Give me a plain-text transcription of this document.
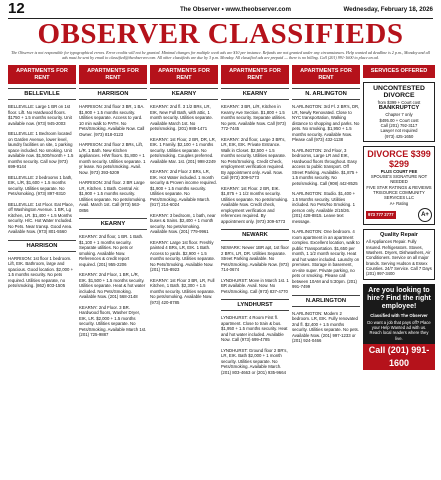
12	The Observer • www.theobserver.com	Wednesday, February 18, 2026
OBSERVER CLASSIFIEDS
The Observer is not responsible for typographical errors. Error credits will not be granted. Minimal changes for multiple week ads are $10 per instance. Refunds are not granted under any circumstances. Help wanted ad deadline is 2 p.m., Monday and all ads must be sent by email to classified@theobserver.com. All other classifieds are due by 3 p.m. Monday. All classified ads are prepaid — there is no billing. Call (201) 991-1600 to place an ad.
APARTMENTS FOR RENT
BELLEVILLE
BELLEVILLE: Large 1 BR on 1st floor. Lift. No Hardwood floors. $1750 + 1.5 months security. Unit available now. (973) 945-2003
BELLEVILLE: 1 Bedroom located on Garden Avenue, lower level, laundry facilities on site, 1 parking space included. No smoking. Unit available now. $1,500/month + 1.5 months security. Call now (973) 699-9144
BELLEVILLE: 2 bedrooms 1 bath, EIK, L/R, $1,600 + 1.5 months security. Utilities separate. No Pets/smoking. (973) 897-9310
BELLEVILLE: 1st Floor. Eat Place, off Washington Avenue. 1 BR, Lg Kitchen, LR. $1,400 + 1.5 Months security. H/C. Hot Water Included. No Pets. Near transp. Good Area. Available Now. (973) 801-5560
HARRISON
HARRISON: 1st floor 1 bedroom. Lift, EIK. Bathroom, large and spacious. Good location. $2,000 + 1.5 months security. No pets required. Utilities separate, no pets/smoking. (862) 803-1505
APARTMENTS FOR RENT
HARRISON
HARRISON: 2nd floor 3 BR, 1 BA. $1,900 + 1.5 months security. Utilities separate. Access to yard. 10 min walk to PATH. No Pets/Smoking. Available Now. Call Owner. (973) 818-0123
HARRISON: 2nd floor 2 BRs, Lift, L/R. 1 Bath. New Kitchen appliances. H/W floors. $1,800 + 1 month security. Utilities separate. 1 yr lease. No pets/smoking. Avail. Now. (973) 393-5209
HARRISON: 2nd floor. 2 BR Large LR, Kitchen. 1 Bath. Central Air. $1,900 + 1.5 months security. Utilities separate. No pets/smoking. Avail. March 1st. Call (973) 563-0856
KEARNY
KEARNY: 2nd floor, 1 BR. 1 Bath. $1,100 + 1 months security. Separate utilities. No pets or smoking. Available Now. References & credit report required. (201) 955-2206
KEARNY: 2nd Floor, 1 BR, L/R, EIK. $1,500 + 1.5 months security. Utilities separate. Heat & hot water included. No Pets/Smoking. Available Now. (201) 568-2148
KEARNY: 2nd Floor. 3 BR. Hardwood floors, Washer Dryer, EIK, LR. $2,000 + 1.5 months security. Utilities separate. No Pets/Smoking. Available March 1st. (201) 725-9887
APARTMENTS FOR RENT
KEARNY
KEARNY: 2nd fl. 3 1/2 BRs, LR, EIK, New Full Bath, with attic, 1 month security. Utilities separate. Available March 1st. No pets/smoking. (201) 988-1471
KEARNY: 1st Floor, 2 BR, DR, LR, EIK. 1 Family. $2,100 + 1 months security. Utilities separate. No pets/smoking. Couples preferred. Available Mar. 1st. (201) 998-2249
KEARNY: 2nd Floor 2 BRs, LR, EIK. Hot Water included. 1 month security & Proven income required. $1,900 + 1.5 months security. Utilities separate. No Pets/Smoking. Available March. (917) 214-6024
KEARNY: 3 bedroom, 1 bath, near buses & trains. $2,400 + 1 month security. No pets/smoking. Available Now. (201) 779-9961
KEARNY: Large 1st floor. Freshly painted 4 BRs, LR, EIK. 1 Bath. Access to yards. $2,900 + 1.5 months security. Utilities separate. No Pets/Smoking. Available Now. (201) 715-8923
KEARNY: 1st Floor 3 BR, LR, Full Kitchen, 1 Bath. $2,300 + 1.5 months security. Utilities separate. No pets/smoking. Available Now. (973) 420-8785
APARTMENTS FOR RENT
KEARNY
KEARNY: 3 BR, L/R, Kitchen in Kearny Ave Section. $1,800 + 1.5 months security. Separate utilities. No pets. Available Now. Call (973) 772-7445
KEARNY: 2nd floor, Large 3 BR's, LR, EIK, EIK. Private Entrance. Walk in Closet. $2,500 + 1.5 months security. Utilities separate. No Pets/Smoking. Credit Check, employment verification required. By appointment only. Avail. Now. Call (973) 309-5773
KEARNY: 1st Floor. 2 BR, EIK. $1,875 + 1 1/2 months security. Utilities separate. No pets/smoking. Available Now. Credit check, employment verification and references required. By appointment only. (973) 309-5773
NEWARK
NEWARK: Newer 1BR apt, 1st floor 2 BR's, LR, DR. Utilities Separate. Street Parking available. No Pets/Smoking. Available Now. (973) 714-0674
LYNDHURST: Move in March 1st. 1 BR available. Avail. Now. No Pets/Smoking. Call (973) 837-4770
LYNDHURST
LYNDHURST: 4 Room First fl. apartment. Close to train & bus. $1,950 + 1.5 months security. Heat and hot water included. Available Now. Call (973) 699-4785
LYNDHURST: Ground floor 2 BR's, LR, EIK. Bath $2,000 + 1 month security. Utilities separate. No Pets/Smoking. Available March. (201) 803-4663 or (201) 935-9664
APARTMENTS FOR RENT
N. ARLINGTON
N.ARLINGTON: 3rd Fl. 2 BR's, DR, LR, Newly Renovated. Close to NYC transportation, Walking distance to shopping and parks. No pets. No smoking. $1,950 + 1.5 months security. Available Now. Please call (973) 432-1138
N.ARLINGTON: 2nd Floor, 3 bedrooms, Large LR and EIK, Hardwood floors throughout. Easy access to public transport. Off Street Parking. Available. $1,875 + 1.5 months security. No pets/smoking. Call (908) 442-8525
N.ARLINGTON: Studio. $1,400 + 1.5 Months security. Utilities included. No Pets/No Smoking. 1 person only. Available 2/15/26. (201) 428-8815. Leave text message.
N.ARLINGTON: One bedroom. 4 room apartment in an apartment complex. Excellent location, walk to public Transportation. $1,650 per month, 1 1/2 month security. Heat and hot water included. Laundry on premises. Storage in basement, on-site super. Private parking, no pets or smoking. Please call between 10AM and 5:30pm. (201) 991-7499
N.ARLINGTON
N.ARLINGTON: Modern 2 bedroom. LR, EIK. Fully renovated 2nd fl. $2,400 + 1.5 months security. Utilities separate. No pets. Available Now. (201) 997-1233 or (201) 924-0466
SERVICES OFFERED
UNCONTESTED DIVORCE
from $399 + Court cost
BANKRUPTCY
Chapter 7 only
$495.00 + Court cost
Call (201) 792-3117
Lawyer not required
(973) 425-1650
DIVORCE $399 $299
PLUS COURT FEE
SPOUSE'S SIGNATURE NOT NEEDED
FIVE STAR RATINGS & REVIEWS
TRISOURCE COMMUNITY SERVICES LLC
A+ Rating
973 777 2777	A+
Quality Repair
All Appliances Repair. Fully Insured. Refrigerators. Stoves, Washers. Dryers, Dishwashers, Air Conditioners. Service on all major brands. Serving Hudson & Essex Counties. 24/7 Service. Call 7 Days (201) 997-3400
Are you looking to hire? Find the right employee!
Classified with The Observer
Do want a job that pays off? Place your Help Wanted ad with us. Reach local readers where they live.
Call (201) 991-1600
